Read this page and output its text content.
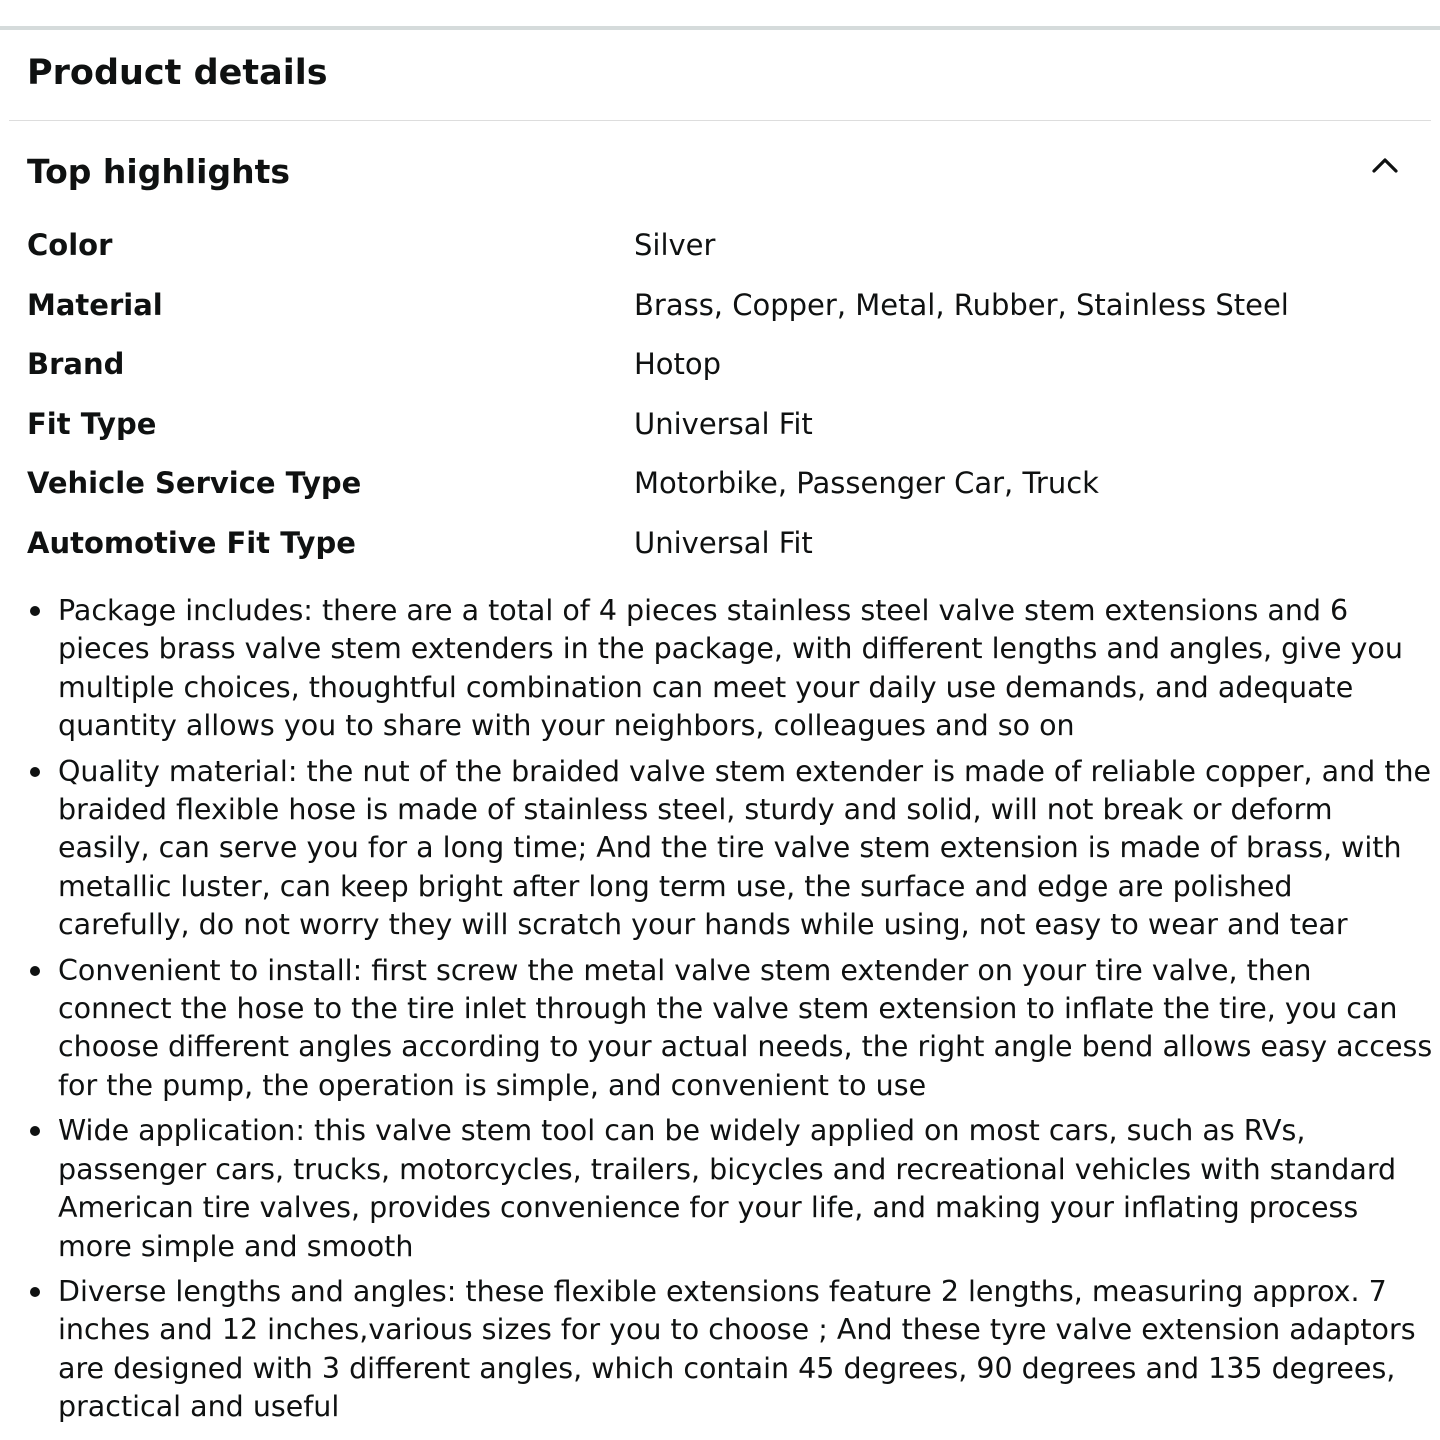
Product details
Top highlights
Color	Silver
Material	Brass, Copper, Metal, Rubber, Stainless Steel
Brand	Hotop
Fit Type	Universal Fit
Vehicle Service Type	Motorbike, Passenger Car, Truck
Automotive Fit Type	Universal Fit
Package includes: there are a total of 4 pieces stainless steel valve stem extensions and 6 pieces brass valve stem extenders in the package, with different lengths and angles, give you multiple choices, thoughtful combination can meet your daily use demands, and adequate quantity allows you to share with your neighbors, colleagues and so on
Quality material: the nut of the braided valve stem extender is made of reliable copper, and the braided flexible hose is made of stainless steel, sturdy and solid, will not break or deform easily, can serve you for a long time; And the tire valve stem extension is made of brass, with metallic luster, can keep bright after long term use, the surface and edge are polished carefully, do not worry they will scratch your hands while using, not easy to wear and tear
Convenient to install: first screw the metal valve stem extender on your tire valve, then connect the hose to the tire inlet through the valve stem extension to inflate the tire, you can choose different angles according to your actual needs, the right angle bend allows easy access for the pump, the operation is simple, and convenient to use
Wide application: this valve stem tool can be widely applied on most cars, such as RVs, passenger cars, trucks, motorcycles, trailers, bicycles and recreational vehicles with standard American tire valves, provides convenience for your life, and making your inflating process more simple and smooth
Diverse lengths and angles: these flexible extensions feature 2 lengths, measuring approx. 7 inches and 12 inches,various sizes for you to choose ; And these tyre valve extension adaptors are designed with 3 different angles, which contain 45 degrees, 90 degrees and 135 degrees, practical and useful
